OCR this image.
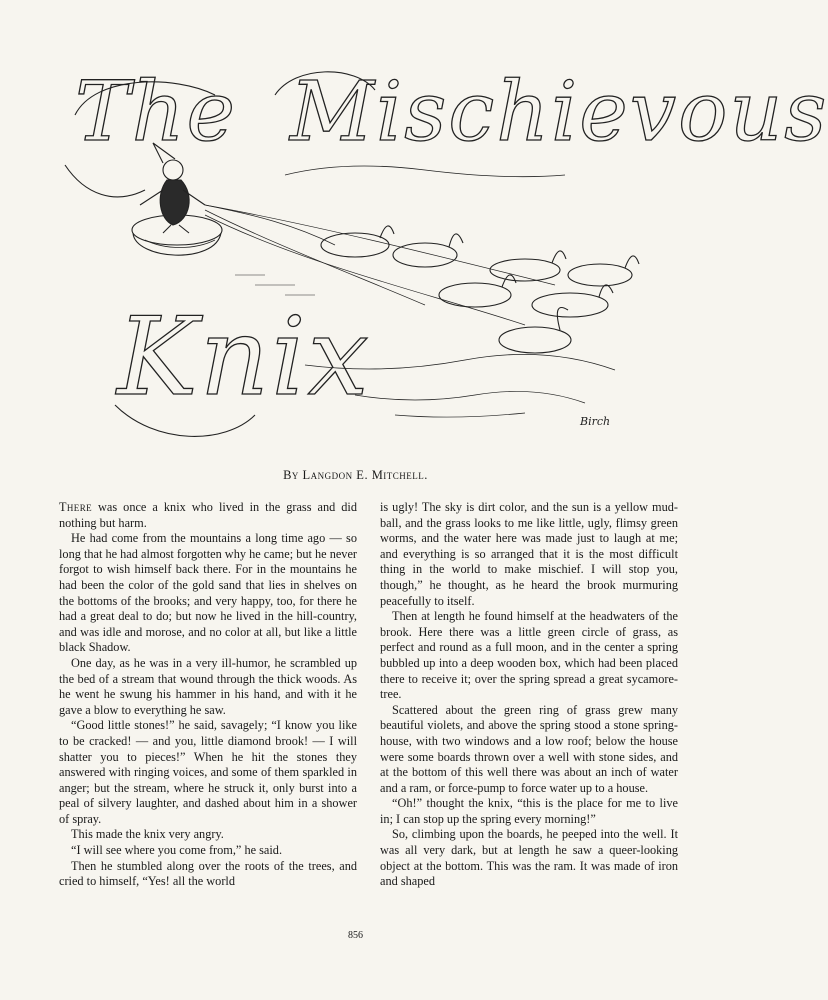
The Mischievous
Knix
Birch
By Langdon E. Mitchell.

There was once a knix who lived in the grass and did nothing but harm.

He had come from the mountains a long time ago — so long that he had almost forgotten why he came; but he never forgot to wish himself back there. For in the mountains he had been the color of the gold sand that lies in shelves on the bottoms of the brooks; and very happy, too, for there he had a great deal to do; but now he lived in the hill-country, and was idle and morose, and no color at all, but like a little black Shadow.

One day, as he was in a very ill-humor, he scrambled up the bed of a stream that wound through the thick woods. As he went he swung his hammer in his hand, and with it he gave a blow to everything he saw.

“Good little stones!” he said, savagely; “I know you like to be cracked! — and you, little diamond brook! — I will shatter you to pieces!” When he hit the stones they answered with ringing voices, and some of them sparkled in anger; but the stream, where he struck it, only burst into a peal of silvery laughter, and dashed about him in a shower of spray.

This made the knix very angry.

“I will see where you come from,” he said.

Then he stumbled along over the roots of the trees, and cried to himself, “Yes! all the world

is ugly! The sky is dirt color, and the sun is a yellow mud-ball, and the grass looks to me like little, ugly, flimsy green worms, and the water here was made just to laugh at me; and everything is so arranged that it is the most difficult thing in the world to make mischief. I will stop you, though,” he thought, as he heard the brook murmuring peacefully to itself.

Then at length he found himself at the headwaters of the brook. Here there was a little green circle of grass, as perfect and round as a full moon, and in the center a spring bubbled up into a deep wooden box, which had been placed there to receive it; over the spring spread a great sycamore-tree.

Scattered about the green ring of grass grew many beautiful violets, and above the spring stood a stone spring-house, with two windows and a low roof; below the house were some boards thrown over a well with stone sides, and at the bottom of this well there was about an inch of water and a ram, or force-pump to force water up to a house.

“Oh!” thought the knix, “this is the place for me to live in; I can stop up the spring every morning!”

So, climbing upon the boards, he peeped into the well. It was all very dark, but at length he saw a queer-looking object at the bottom. This was the ram. It was made of iron and shaped

856
